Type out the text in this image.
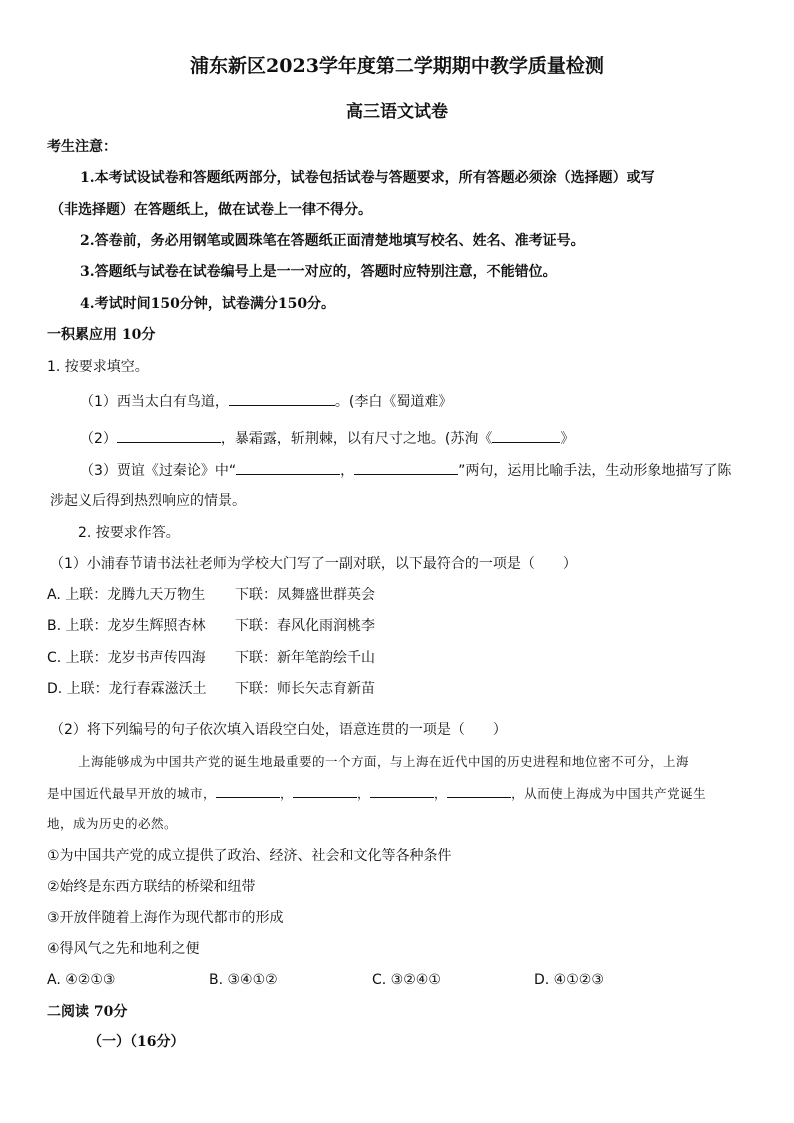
浦东新区2023学年度第二学期期中教学质量检测
高三语文试卷
考生注意：
1.本考试设试卷和答题纸两部分，试卷包括试卷与答题要求，所有答题必须涂（选择题）或写
（非选择题）在答题纸上，做在试卷上一律不得分。
2.答卷前，务必用钢笔或圆珠笔在答题纸正面清楚地填写校名、姓名、准考证号。
3.答题纸与试卷在试卷编号上是一一对应的，答题时应特别注意，不能错位。
4.考试时间150分钟，试卷满分150分。
一积累应用 10分
1. 按要求填空。
（1）西当太白有鸟道，	。(李白《蜀道难》
（2）	，暴霜露，斩荆棘，以有尺寸之地。(苏洵《	》
（3）贾谊《过秦论》中“	，	”两句，运用比喻手法，生动形象地描写了陈
涉起义后得到热烈响应的情景。
2. 按要求作答。
（1）小浦春节请书法社老师为学校大门写了一副对联，以下最符合的一项是（　　）
A. 上联：龙腾九天万物生 下联：凤舞盛世群英会
B. 上联：龙岁生辉照杏林 下联：春风化雨润桃李
C. 上联：龙岁书声传四海 下联：新年笔韵绘千山
D. 上联：龙行春霖滋沃土 下联：师长矢志育新苗
（2）将下列编号的句子依次填入语段空白处，语意连贯的一项是（　　）
上海能够成为中国共产党的诞生地最重要的一个方面，与上海在近代中国的历史进程和地位密不可分，上海
是中国近代最早开放的城市，	，	，	，	，从而使上海成为中国共产党诞生
地，成为历史的必然。
①为中国共产党的成立提供了政治、经济、社会和文化等各种条件
②始终是东西方联结的桥梁和纽带
③开放伴随着上海作为现代都市的形成
④得风气之先和地利之便
A. ④②①③	B. ③④①②	C. ③②④①	D. ④①②③
二阅读 70分
（一）（16分）
